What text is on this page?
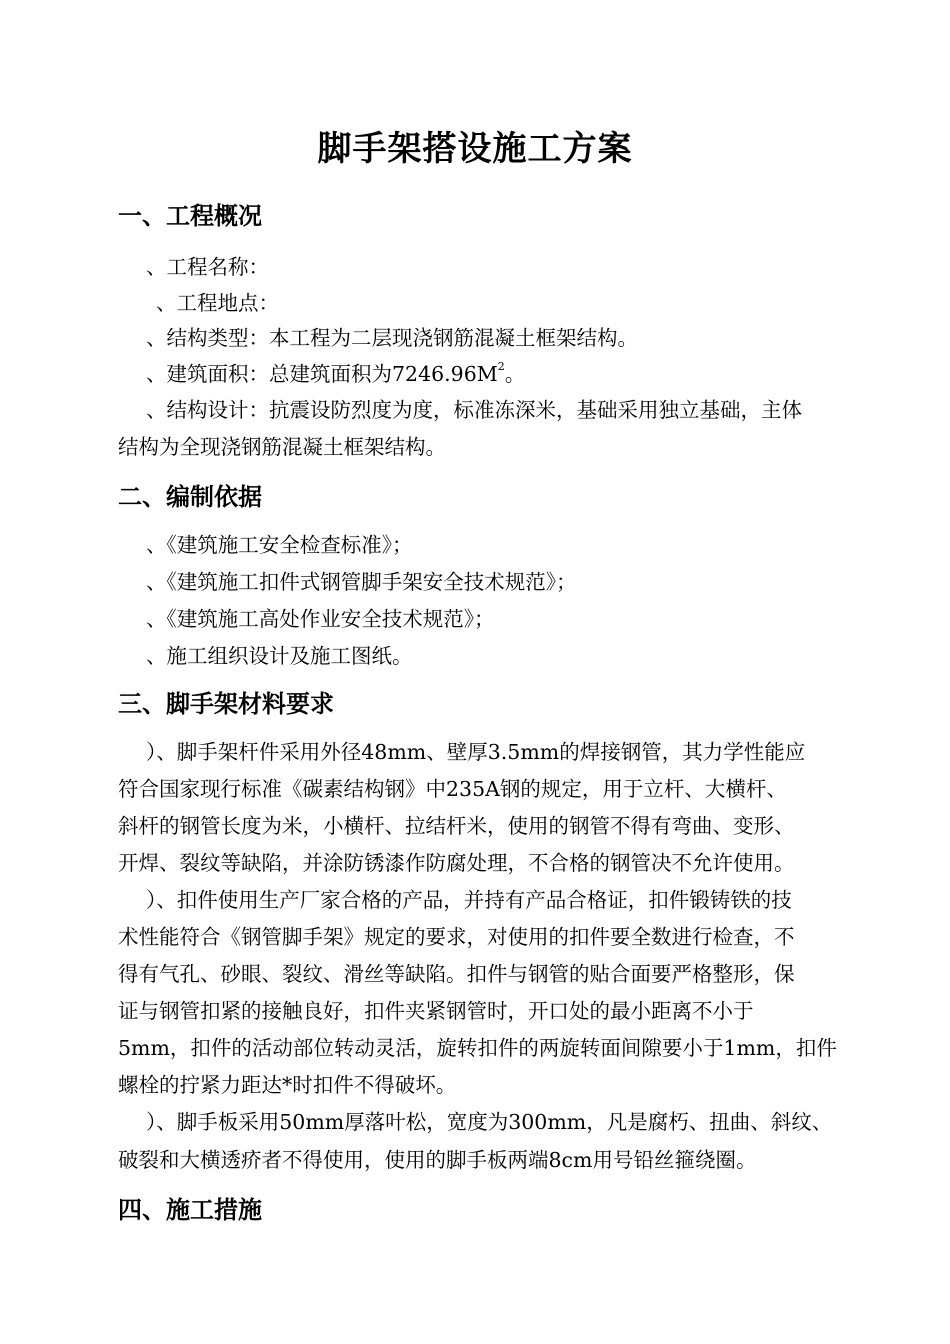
脚手架搭设施工方案
一、工程概况
、工程名称：
、工程地点：
、结构类型：本工程为二层现浇钢筋混凝土框架结构。
、建筑面积：总建筑面积为$7246.96M^2$。
、结构设计：抗震设防烈度为度，标准冻深米，基础采用独立基础，主体
结构为全现浇钢筋混凝土框架结构。
二、编制依据
、《建筑施工安全检查标准》；
、《建筑施工扣件式钢管脚手架安全技术规范》；
、《建筑施工高处作业安全技术规范》；
、施工组织设计及施工图纸。
三、脚手架材料要求
）、脚手架杆件采用外径48mm、壁厚3.5mm的焊接钢管，其力学性能应
符合国家现行标准《碳素结构钢》中235A钢的规定，用于立杆、大横杆、
斜杆的钢管长度为米，小横杆、拉结杆米，使用的钢管不得有弯曲、变形、
开焊、裂纹等缺陷，并涂防锈漆作防腐处理，不合格的钢管决不允许使用。
）、扣件使用生产厂家合格的产品，并持有产品合格证，扣件锻铸铁的技
术性能符合《钢管脚手架》规定的要求，对使用的扣件要全数进行检查，不
得有气孔、砂眼、裂纹、滑丝等缺陷。扣件与钢管的贴合面要严格整形，保
证与钢管扣紧的接触良好，扣件夹紧钢管时，开口处的最小距离不小于
5mm，扣件的活动部位转动灵活，旋转扣件的两旋转面间隙要小于1mm，扣件
螺栓的拧紧力距达*时扣件不得破坏。
）、脚手板采用50mm厚落叶松，宽度为300mm，凡是腐朽、扭曲、斜纹、
破裂和大横透疥者不得使用，使用的脚手板两端8cm用号铅丝箍绕圈。
四、施工措施
